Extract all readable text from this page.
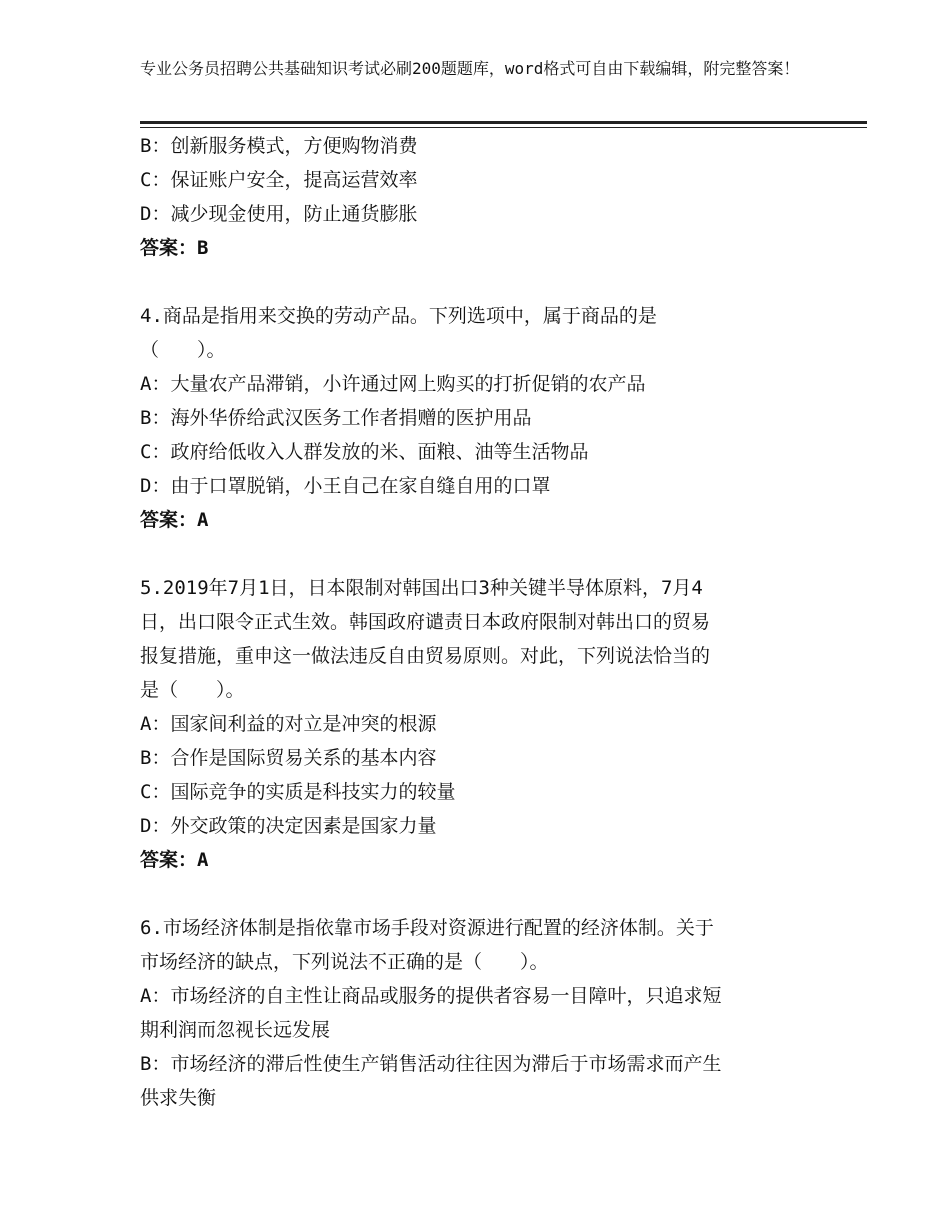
专业公务员招聘公共基础知识考试必刷200题题库，word格式可自由下载编辑，附完整答案！
B：创新服务模式，方便购物消费
C：保证账户安全，提高运营效率
D：减少现金使用，防止通货膨胀
答案：B
4.商品是指用来交换的劳动产品。下列选项中，属于商品的是
（　　）。
A：大量农产品滞销，小许通过网上购买的打折促销的农产品
B：海外华侨给武汉医务工作者捐赠的医护用品
C：政府给低收入人群发放的米、面粮、油等生活物品
D：由于口罩脱销，小王自己在家自缝自用的口罩
答案：A
5.2019年7月1日，日本限制对韩国出口3种关键半导体原料，7月4
日，出口限令正式生效。韩国政府谴责日本政府限制对韩出口的贸易
报复措施，重申这一做法违反自由贸易原则。对此，下列说法恰当的
是（　　）。
A：国家间利益的对立是冲突的根源
B：合作是国际贸易关系的基本内容
C：国际竞争的实质是科技实力的较量
D：外交政策的决定因素是国家力量
答案：A
6.市场经济体制是指依靠市场手段对资源进行配置的经济体制。关于
市场经济的缺点，下列说法不正确的是（　　）。
A：市场经济的自主性让商品或服务的提供者容易一目障叶，只追求短
期利润而忽视长远发展
B：市场经济的滞后性使生产销售活动往往因为滞后于市场需求而产生
供求失衡
